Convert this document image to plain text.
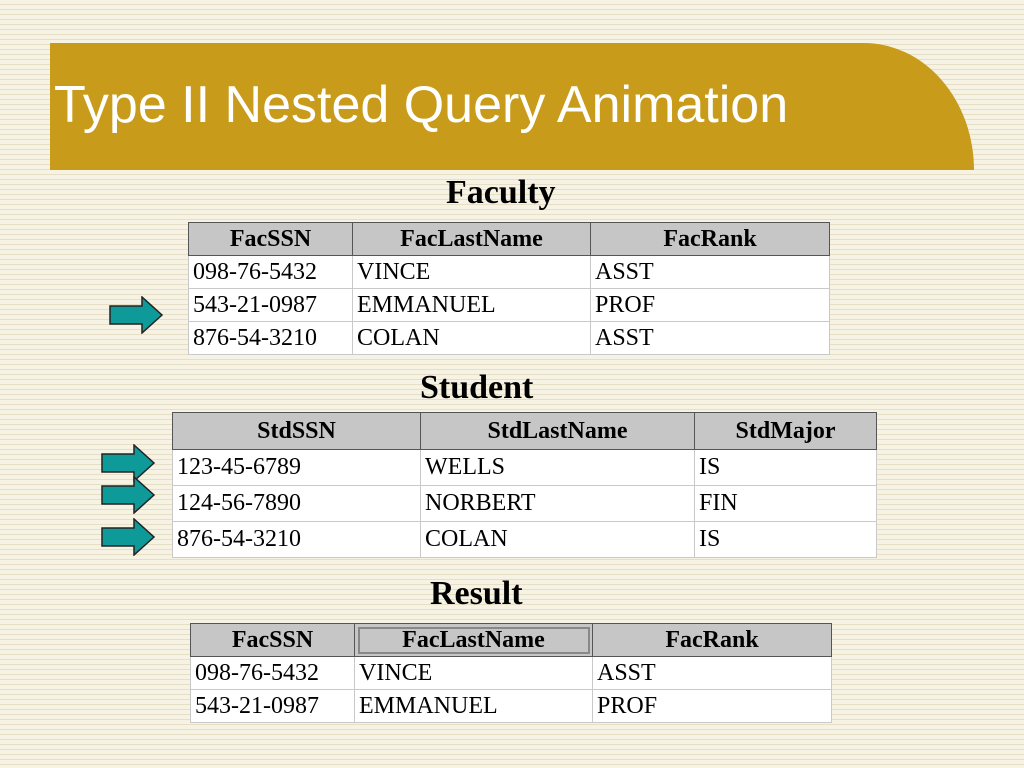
Type II Nested Query Animation
Faculty
FacSSN	FacLastName	FacRank
098-76-5432	VINCE	ASST
543-21-0987	EMMANUEL	PROF
876-54-3210	COLAN	ASST
Student
StdSSN	StdLastName	StdMajor
123-45-6789	WELLS	IS
124-56-7890	NORBERT	FIN
876-54-3210	COLAN	IS
Result
FacSSN	FacLastName	FacRank
098-76-5432	VINCE	ASST
543-21-0987	EMMANUEL	PROF
